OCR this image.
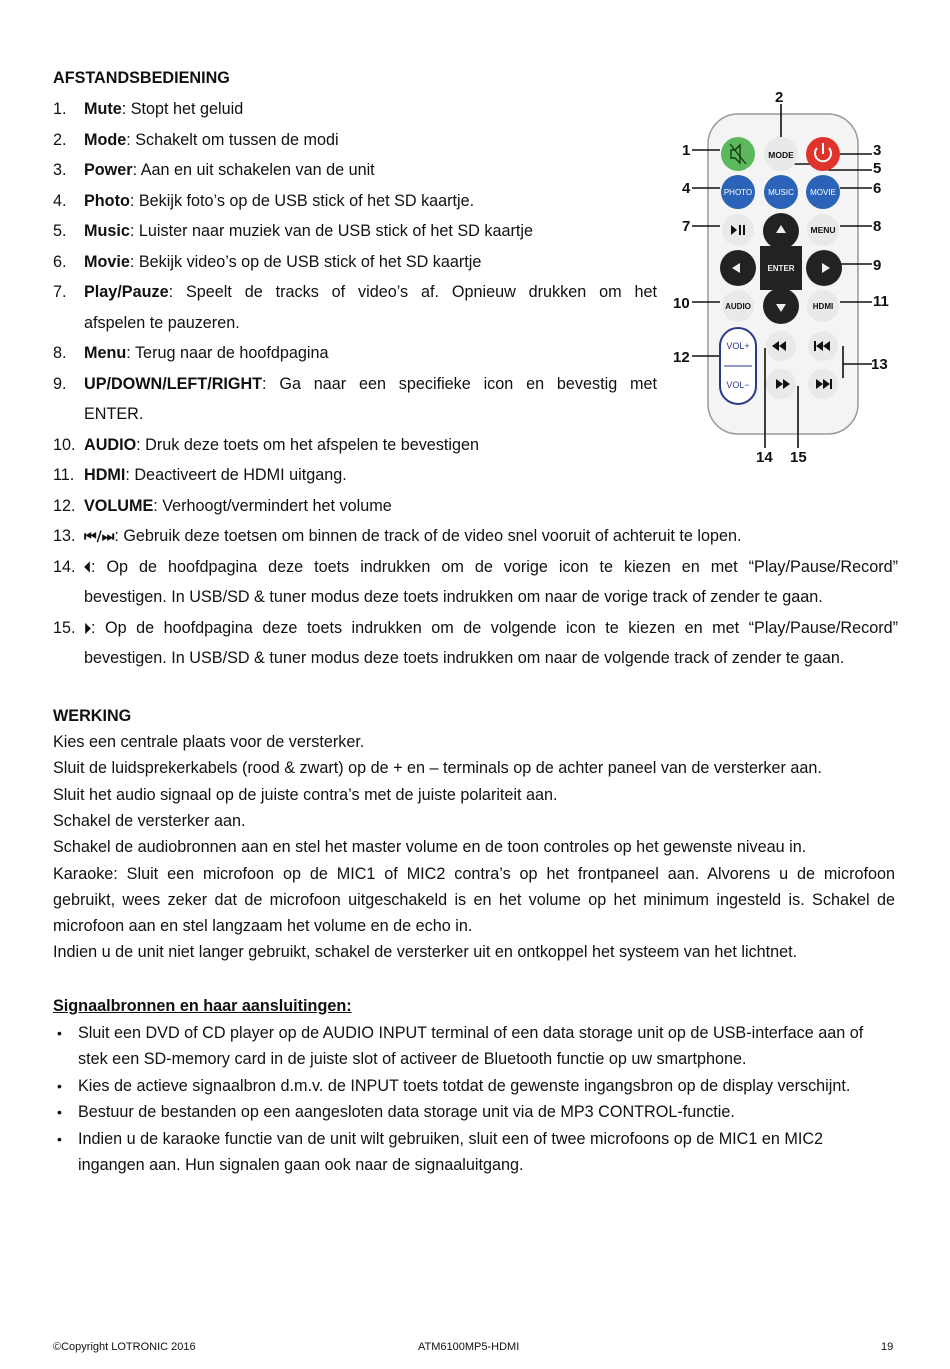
AFSTANDSBEDIENING
1.	Mute: Stopt het geluid
2.	Mode: Schakelt om tussen de modi
3.	Power: Aan en uit schakelen van de unit
4.	Photo: Bekijk foto’s op de USB stick of het SD kaartje.
5.	Music: Luister naar muziek van de USB stick of het SD kaartje
6.	Movie: Bekijk video’s op de USB stick of het SD kaartje
7.	Play/Pauze: Speelt de tracks of video’s af. Opnieuw drukken om het
afspelen te pauzeren.
8.	Menu: Terug naar de hoofdpagina
9.	UP/DOWN/LEFT/RIGHT: Ga naar een specifieke icon en bevestig met
ENTER.
10. AUDIO: Druk deze toets om het afspelen te bevestigen
11. HDMI: Deactiveert de HDMI uitgang.
12. VOLUME: Verhoogt/vermindert het volume
13. ⏮/⏭: Gebruik deze toetsen om binnen de track of de video snel vooruit of achteruit te lopen.
14. ⏴: Op de hoofdpagina deze toets indrukken om de vorige icon te kiezen en met “Play/Pause/Record”
bevestigen. In USB/SD & tuner modus deze toets indrukken om naar de vorige track of zender te gaan.
15. ⏵: Op de hoofdpagina deze toets indrukken om de volgende icon te kiezen en met “Play/Pause/Record”
bevestigen. In USB/SD & tuner modus deze toets indrukken om naar de volgende track of zender te gaan.
2
1	3
5
4	6
7	8
9
10	11
12	13
14 15
MODE
PHOTO MUSIC MOVIE
MENU
ENTER
AUDIO	HDMI
VOL+
VOL−
WERKING
Kies een centrale plaats voor de versterker.
Sluit de luidsprekerkabels (rood & zwart) op de + en – terminals op de achter paneel van de versterker aan.
Sluit het audio signaal op de juiste contra’s met de juiste polariteit aan.
Schakel de versterker aan.
Schakel de audiobronnen aan en stel het master volume en de toon controles op het gewenste niveau in.
Karaoke: Sluit een microfoon op de MIC1 of MIC2 contra’s op het frontpaneel aan. Alvorens u de microfoon
gebruikt, wees zeker dat de microfoon uitgeschakeld is en het volume op het minimum ingesteld is. Schakel de
microfoon aan en stel langzaam het volume en de echo in.
Indien u de unit niet langer gebruikt, schakel de versterker uit en ontkoppel het systeem van het lichtnet.
Signaalbronnen en haar aansluitingen:
• Sluit een DVD of CD player op de AUDIO INPUT terminal of een data storage unit op de USB-interface aan of
stek een SD-memory card in de juiste slot of activeer de Bluetooth functie op uw smartphone.
• Kies de actieve signaalbron d.m.v. de INPUT toets totdat de gewenste ingangsbron op de display verschijnt.
• Bestuur de bestanden op een aangesloten data storage unit via de MP3 CONTROL-functie.
• Indien u de karaoke functie van de unit wilt gebruiken, sluit een of twee microfoons op de MIC1 en MIC2
ingangen aan. Hun signalen gaan ook naar de signaaluitgang.
©Copyright LOTRONIC 2016	ATM6100MP5-HDMI	19
